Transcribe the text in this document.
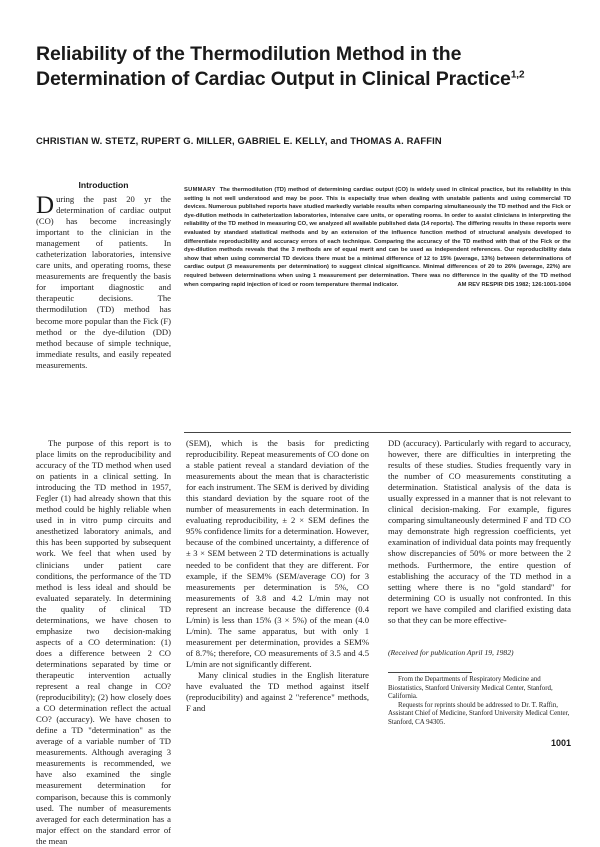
Reliability of the Thermodilution Method in the Determination of Cardiac Output in Clinical Practice$^{1,2}$
CHRISTIAN W. STETZ, RUPERT G. MILLER, GABRIEL E. KELLY, and THOMAS A. RAFFIN
Introduction

During the past 20 yr the determination of cardiac output (CO) has become increasingly important to the clinician in the management of patients. In catheterization laboratories, intensive care units, and operating rooms, these measurements are frequently the basis for important diagnostic and therapeutic decisions. The thermodilution (TD) method has become more popular than the Fick (F) method or the dye-dilution (DD) method because of simple technique, immediate results, and easily repeated measurements.

SUMMARY The thermodilution (TD) method of determining cardiac output (CO) is widely used in clinical practice, but its reliability in this setting is not well understood and may be poor. This is especially true when dealing with unstable patients and using commercial TD devices. Numerous published reports have studied markedly variable results when comparing simultaneously the TD method and the Fick or dye-dilution methods in catheterization laboratories, intensive care units, or operating rooms. In order to assist clinicians in interpreting the reliability of the TD method in measuring CO, we analyzed all available published data (14 reports). The differing results in these reports were evaluated by standard statistical methods and by an extension of the influence function method of structural analysis developed to differentiate reproducibility and accuracy errors of each technique. Comparing the accuracy of the TD method with that of the Fick or the dye-dilution methods reveals that the 3 methods are of equal merit and can be used as independent references. Our reproducibility data show that when using commercial TD devices there must be a minimal difference of 12 to 15% (average, 13%) between determinations of cardiac output (3 measurements per determination) to suggest clinical significance. Minimal differences of 20 to 26% (average, 22%) are required between determinations when using 1 measurement per determination. There was no difference in the quality of the TD method when comparing rapid injection of iced or room temperature thermal indicator.	AM REV RESPIR DIS 1982; 126:1001-1004

The purpose of this report is to place limits on the reproducibility and accuracy of the TD method when used on patients in a clinical setting. In introducing the TD method in 1957, Fegler (1) had already shown that this method could be highly reliable when used in in vitro pump circuits and anesthetized laboratory animals, and this has been supported by subsequent work. We feel that when used by clinicians under patient care conditions, the performance of the TD method is less ideal and should be evaluated separately. In determining the quality of clinical TD determinations, we have chosen to emphasize two decision-making aspects of a CO determination: (1) does a difference between 2 CO determinations separated by time or therapeutic intervention actually represent a real change in CO? (reproducibility); (2) how closely does a CO determination reflect the actual CO? (accuracy). We have chosen to define a TD "determination" as the average of a variable number of TD measurements. Although averaging 3 measurements is recommended, we have also examined the single measurement determination for comparison, because this is commonly used. The number of measurements averaged for each determination has a major effect on the standard error of the mean

(SEM), which is the basis for predicting reproducibility. Repeat measurements of CO done on a stable patient reveal a standard deviation of the measurements about the mean that is characteristic for each instrument. The SEM is derived by dividing this standard deviation by the square root of the number of measurements in each determination. In evaluating reproducibility, ± 2 × SEM defines the 95% confidence limits for a determination. However, because of the combined uncertainty, a difference of ± 3 × SEM between 2 TD determinations is actually needed to be confident that they are different. For example, if the SEM% (SEM/average CO) for 3 measurements per determination is 5%, CO measurements of 3.8 and 4.2 L/min may not represent an increase because the difference (0.4 L/min) is less than 15% (3 × 5%) of the mean (4.0 L/min). The same apparatus, but with only 1 measurement per determination, provides a SEM% of 8.7%; therefore, CO measurements of 3.5 and 4.5 L/min are not significantly different.

Many clinical studies in the English literature have evaluated the TD method against itself (reproducibility) and against 2 "reference" methods, F and

DD (accuracy). Particularly with regard to accuracy, however, there are difficulties in interpreting the results of these studies. Studies frequently vary in the number of CO measurements constituting a determination. Statistical analysis of the data is usually expressed in a manner that is not relevant to clinical decision-making. For example, figures comparing simultaneously determined F and TD CO may demonstrate high regression coefficients, yet examination of individual data points may frequently show discrepancies of 50% or more between the 2 methods. Furthermore, the entire question of establishing the accuracy of the TD method in a setting where there is no "gold standard" for determining CO is usually not confronted. In this report we have compiled and clarified existing data so that they can be more effective-

(Received for publication April 19, 1982)

From the Departments of Respiratory Medicine and Biostatistics, Stanford University Medical Center, Stanford, California.

Requests for reprints should be addressed to Dr. T. Raffin, Assistant Chief of Medicine, Stanford University Medical Center, Stanford, CA 94305.

1001
